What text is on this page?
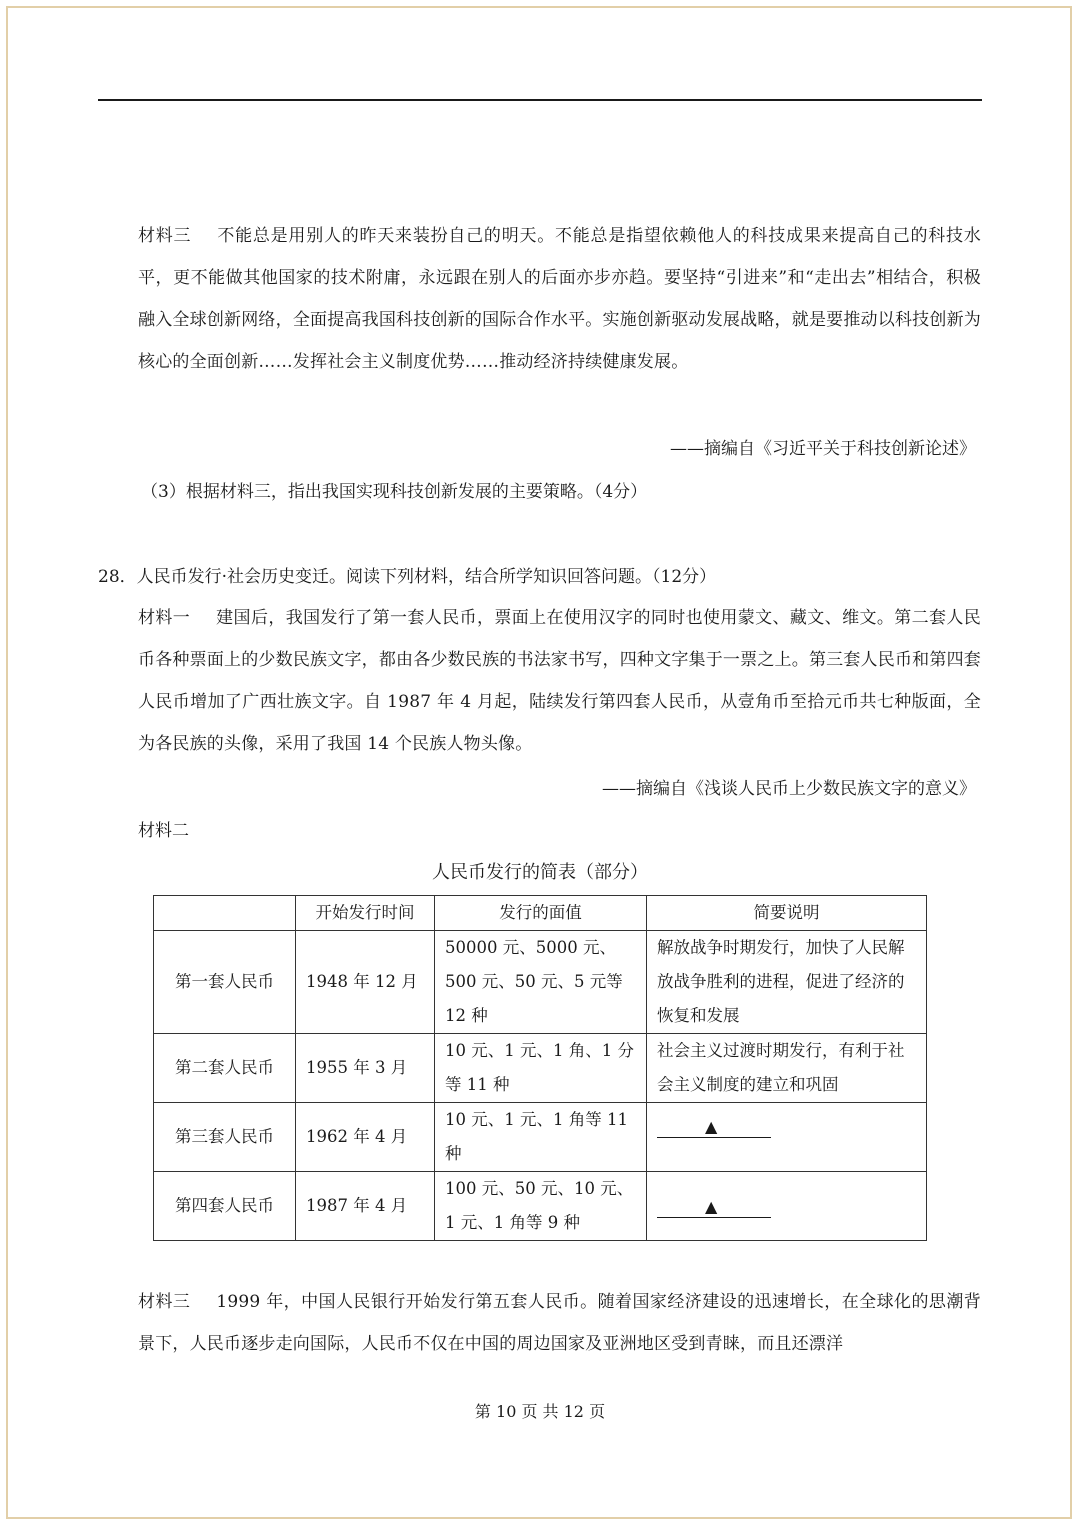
材料三 不能总是用别人的昨天来装扮自己的明天。不能总是指望依赖他人的科技成果来提高自己的科技水平，更不能做其他国家的技术附庸，永远跟在别人的后面亦步亦趋。要坚持“引进来”和“走出去”相结合，积极融入全球创新网络，全面提高我国科技创新的国际合作水平。实施创新驱动发展战略，就是要推动以科技创新为核心的全面创新……发挥社会主义制度优势……推动经济持续健康发展。

——摘编自《习近平关于科技创新论述》
（3）根据材料三，指出我国实现科技创新发展的主要策略。（4分）
28．人民币发行·社会历史变迁。阅读下列材料，结合所学知识回答问题。（12分）

材料一 建国后，我国发行了第一套人民币，票面上在使用汉字的同时也使用蒙文、藏文、维文。第二套人民币各种票面上的少数民族文字，都由各少数民族的书法家书写，四种文字集于一票之上。第三套人民币和第四套人民币增加了广西壮族文字。自 1987 年 4 月起，陆续发行第四套人民币，从壹角币至拾元币共七种版面，全为各民族的头像，采用了我国 14 个民族人物头像。

——摘编自《浅谈人民币上少数民族文字的意义》
材料二
人民币发行的简表（部分）
	开始发行时间	发行的面值	简要说明
第一套人民币	1948 年 12 月	50000 元、5000 元、500 元、50 元、5 元等 12 种	解放战争时期发行，加快了人民解放战争胜利的进程，促进了经济的恢复和发展
第二套人民币	1955 年 3 月	10 元、1 元、1 角、1 分等 11 种	社会主义过渡时期发行，有利于社会主义制度的建立和巩固
第三套人民币	1962 年 4 月	10 元、1 元、1 角等 11 种	▲

第四套人民币	1987 年 4 月	100 元、50 元、10 元、1 元、1 角等 9 种	▲

材料三 1999 年，中国人民银行开始发行第五套人民币。随着国家经济建设的迅速增长，在全球化的思潮背景下，人民币逐步走向国际，人民币不仅在中国的周边国家及亚洲地区受到青睐，而且还漂洋

第 10 页 共 12 页
